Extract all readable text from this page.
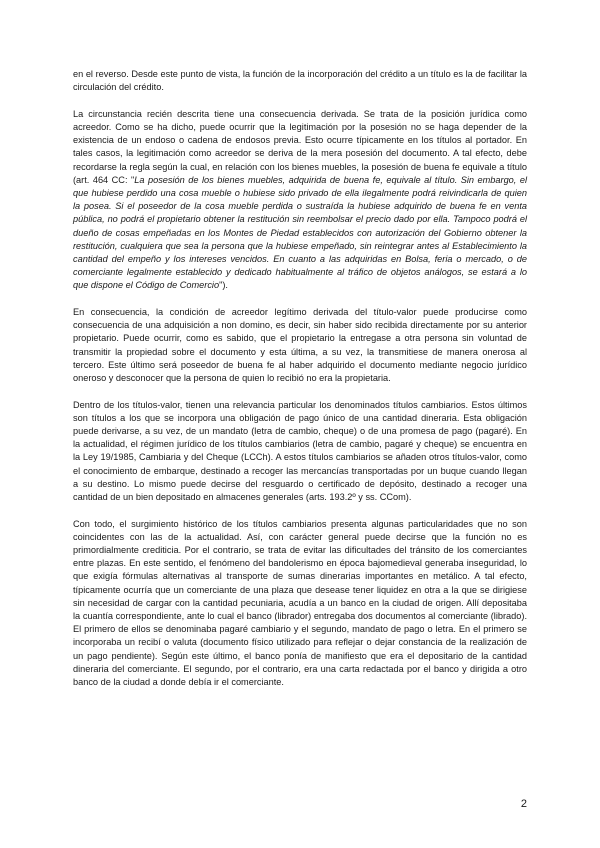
en el reverso. Desde este punto de vista, la función de la incorporación del crédito a un título es la de facilitar la circulación del crédito.

La circunstancia recién descrita tiene una consecuencia derivada. Se trata de la posición jurídica como acreedor. Como se ha dicho, puede ocurrir que la legitimación por la posesión no se haga depender de la existencia de un endoso o cadena de endosos previa. Esto ocurre típicamente en los títulos al portador. En tales casos, la legitimación como acreedor se deriva de la mera posesión del documento. A tal efecto, debe recordarse la regla según la cual, en relación con los bienes muebles, la posesión de buena fe equivale a título (art. 464 CC: "La posesión de los bienes muebles, adquirida de buena fe, equivale al título. Sin embargo, el que hubiese perdido una cosa mueble o hubiese sido privado de ella ilegalmente podrá reivindicarla de quien la posea. Si el poseedor de la cosa mueble perdida o sustraída la hubiese adquirido de buena fe en venta pública, no podrá el propietario obtener la restitución sin reembolsar el precio dado por ella. Tampoco podrá el dueño de cosas empeñadas en los Montes de Piedad establecidos con autorización del Gobierno obtener la restitución, cualquiera que sea la persona que la hubiese empeñado, sin reintegrar antes al Establecimiento la cantidad del empeño y los intereses vencidos. En cuanto a las adquiridas en Bolsa, feria o mercado, o de comerciante legalmente establecido y dedicado habitualmente al tráfico de objetos análogos, se estará a lo que dispone el Código de Comercio").

En consecuencia, la condición de acreedor legítimo derivada del título-valor puede producirse como consecuencia de una adquisición a non domino, es decir, sin haber sido recibida directamente por su anterior propietario. Puede ocurrir, como es sabido, que el propietario la entregase a otra persona sin voluntad de transmitir la propiedad sobre el documento y esta última, a su vez, la transmitiese de manera onerosa al tercero. Este último será poseedor de buena fe al haber adquirido el documento mediante negocio jurídico oneroso y desconocer que la persona de quien lo recibió no era la propietaria.

Dentro de los títulos-valor, tienen una relevancia particular los denominados títulos cambiarios. Estos últimos son títulos a los que se incorpora una obligación de pago único de una cantidad dineraria. Esta obligación puede derivarse, a su vez, de un mandato (letra de cambio, cheque) o de una promesa de pago (pagaré). En la actualidad, el régimen jurídico de los títulos cambiarios (letra de cambio, pagaré y cheque) se encuentra en la Ley 19/1985, Cambiaria y del Cheque (LCCh). A estos títulos cambiarios se añaden otros títulos-valor, como el conocimiento de embarque, destinado a recoger las mercancías transportadas por un buque cuando llegan a su destino. Lo mismo puede decirse del resguardo o certificado de depósito, destinado a recoger una cantidad de un bien depositado en almacenes generales (arts. 193.2º y ss. CCom).

Con todo, el surgimiento histórico de los títulos cambiarios presenta algunas particularidades que no son coincidentes con las de la actualidad. Así, con carácter general puede decirse que la función no es primordialmente crediticia. Por el contrario, se trata de evitar las dificultades del tránsito de los comerciantes entre plazas. En este sentido, el fenómeno del bandolerismo en época bajomedieval generaba inseguridad, lo que exigía fórmulas alternativas al transporte de sumas dinerarias importantes en metálico. A tal efecto, típicamente ocurría que un comerciante de una plaza que desease tener liquidez en otra a la que se dirigiese sin necesidad de cargar con la cantidad pecuniaria, acudía a un banco en la ciudad de origen. Allí depositaba la cuantía correspondiente, ante lo cual el banco (librador) entregaba dos documentos al comerciante (librado). El primero de ellos se denominaba pagaré cambiario y el segundo, mandato de pago o letra. En el primero se incorporaba un recibí o valuta (documento físico utilizado para reflejar o dejar constancia de la realización de un pago pendiente). Según este último, el banco ponía de manifiesto que era el depositario de la cantidad dineraria del comerciante. El segundo, por el contrario, era una carta redactada por el banco y dirigida a otro banco de la ciudad a donde debía ir el comerciante.

2
